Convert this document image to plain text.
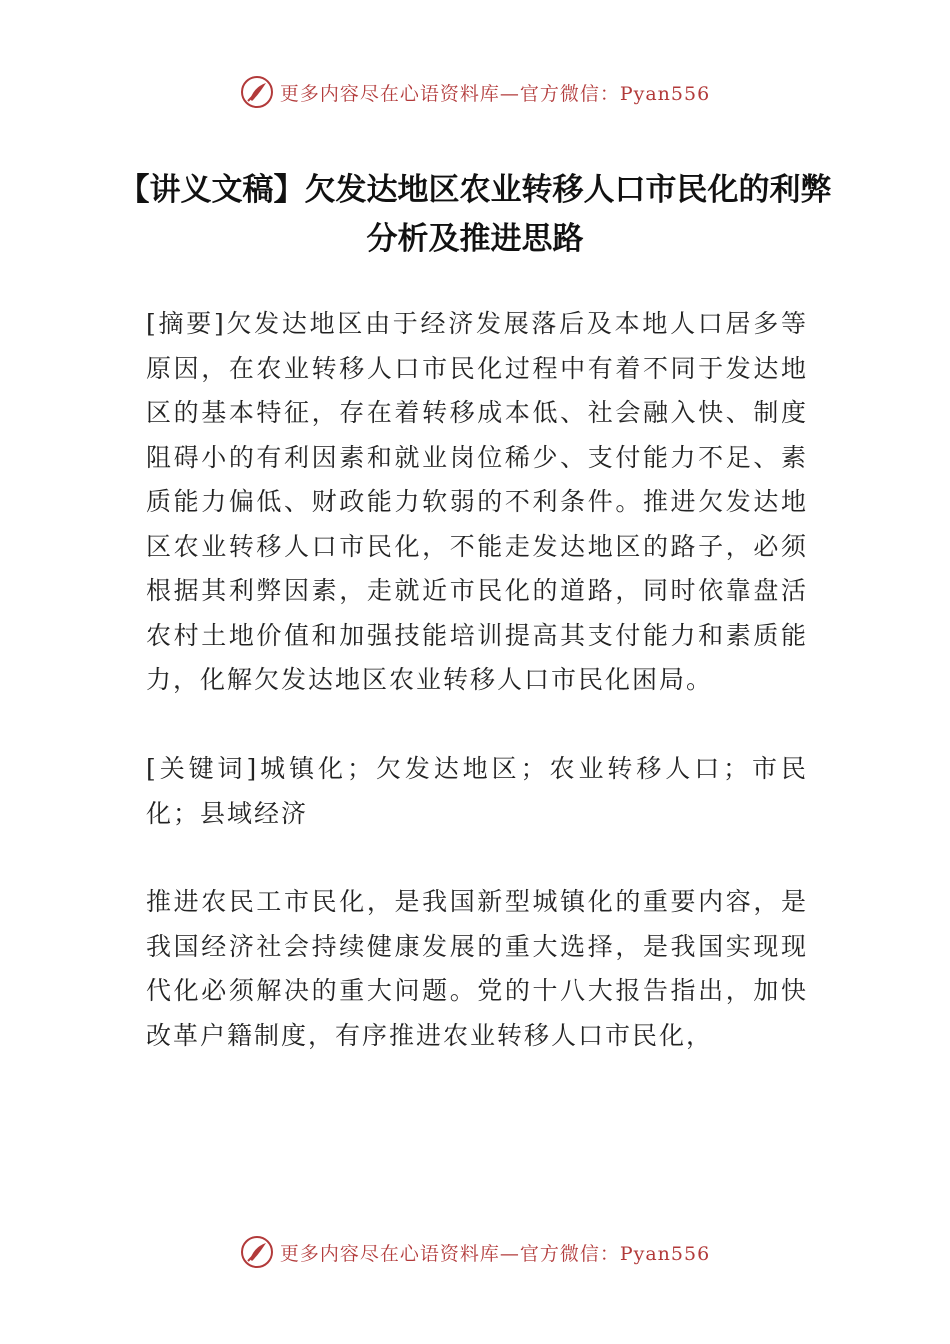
更多内容尽在心语资料库—官方微信：Pyan556
【讲义文稿】欠发达地区农业转移人口市民化的利弊分析及推进思路
[摘要]欠发达地区由于经济发展落后及本地人口居多等原因，在农业转移人口市民化过程中有着不同于发达地区的基本特征，存在着转移成本低、社会融入快、制度阻碍小的有利因素和就业岗位稀少、支付能力不足、素质能力偏低、财政能力软弱的不利条件。推进欠发达地区农业转移人口市民化，不能走发达地区的路子，必须根据其利弊因素，走就近市民化的道路，同时依靠盘活农村土地价值和加强技能培训提高其支付能力和素质能力，化解欠发达地区农业转移人口市民化困局。
[关键词]城镇化；欠发达地区；农业转移人口；市民化；县域经济
推进农民工市民化，是我国新型城镇化的重要内容，是我国经济社会持续健康发展的重大选择，是我国实现现代化必须解决的重大问题。党的十八大报告指出，加快改革户籍制度，有序推进农业转移人口市民化，
更多内容尽在心语资料库—官方微信：Pyan556
